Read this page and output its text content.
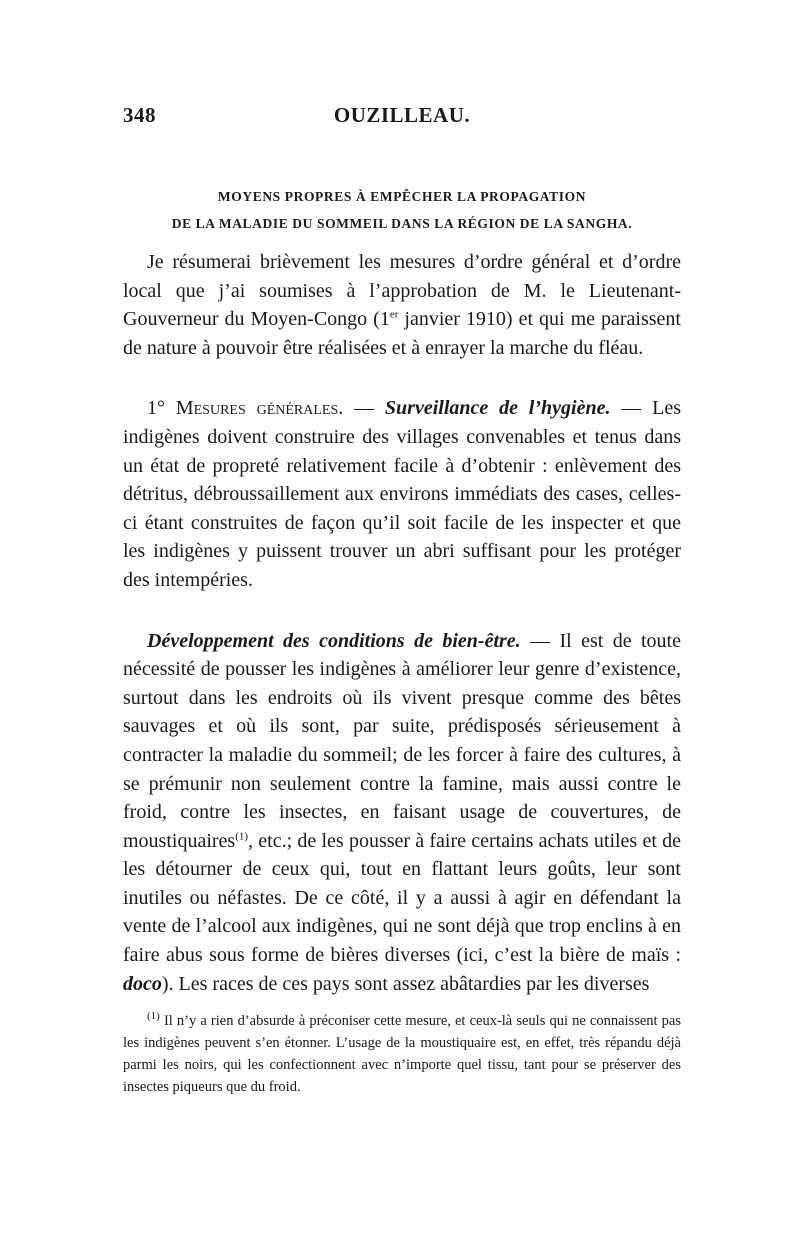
348	OUZILLEAU.
MOYENS PROPRES À EMPÊCHER LA PROPAGATION
DE LA MALADIE DU SOMMEIL DANS LA RÉGION DE LA SANGHA.

Je résumerai brièvement les mesures d’ordre général et d’ordre local que j’ai soumises à l’approbation de M. le Lieutenant-Gouverneur du Moyen-Congo (1er janvier 1910) et qui me paraissent de nature à pouvoir être réalisées et à enrayer la marche du fléau.

1° Mesures générales. — Surveillance de l’hygiène. — Les indigènes doivent construire des villages convenables et tenus dans un état de propreté relativement facile à d’obtenir : enlèvement des détritus, débroussaillement aux environs immédiats des cases, celles-ci étant construites de façon qu’il soit facile de les inspecter et que les indigènes y puissent trouver un abri suffisant pour les protéger des intempéries.

Développement des conditions de bien-être. — Il est de toute nécessité de pousser les indigènes à améliorer leur genre d’existence, surtout dans les endroits où ils vivent presque comme des bêtes sauvages et où ils sont, par suite, prédisposés sérieusement à contracter la maladie du sommeil; de les forcer à faire des cultures, à se prémunir non seulement contre la famine, mais aussi contre le froid, contre les insectes, en faisant usage de couvertures, de moustiquaires$^{(1)}$, etc.; de les pousser à faire certains achats utiles et de les détourner de ceux qui, tout en flattant leurs goûts, leur sont inutiles ou néfastes. De ce côté, il y a aussi à agir en défendant la vente de l’alcool aux indigènes, qui ne sont déjà que trop enclins à en faire abus sous forme de bières diverses (ici, c’est la bière de maïs : doco). Les races de ces pays sont assez abâtardies par les diverses

$^{(1)}$ Il n’y a rien d’absurde à préconiser cette mesure, et ceux-là seuls qui ne connaissent pas les indigènes peuvent s’en étonner. L’usage de la moustiquaire est, en effet, très répandu déjà parmi les noirs, qui les confectionnent avec n’importe quel tissu, tant pour se préserver des insectes piqueurs que du froid.
